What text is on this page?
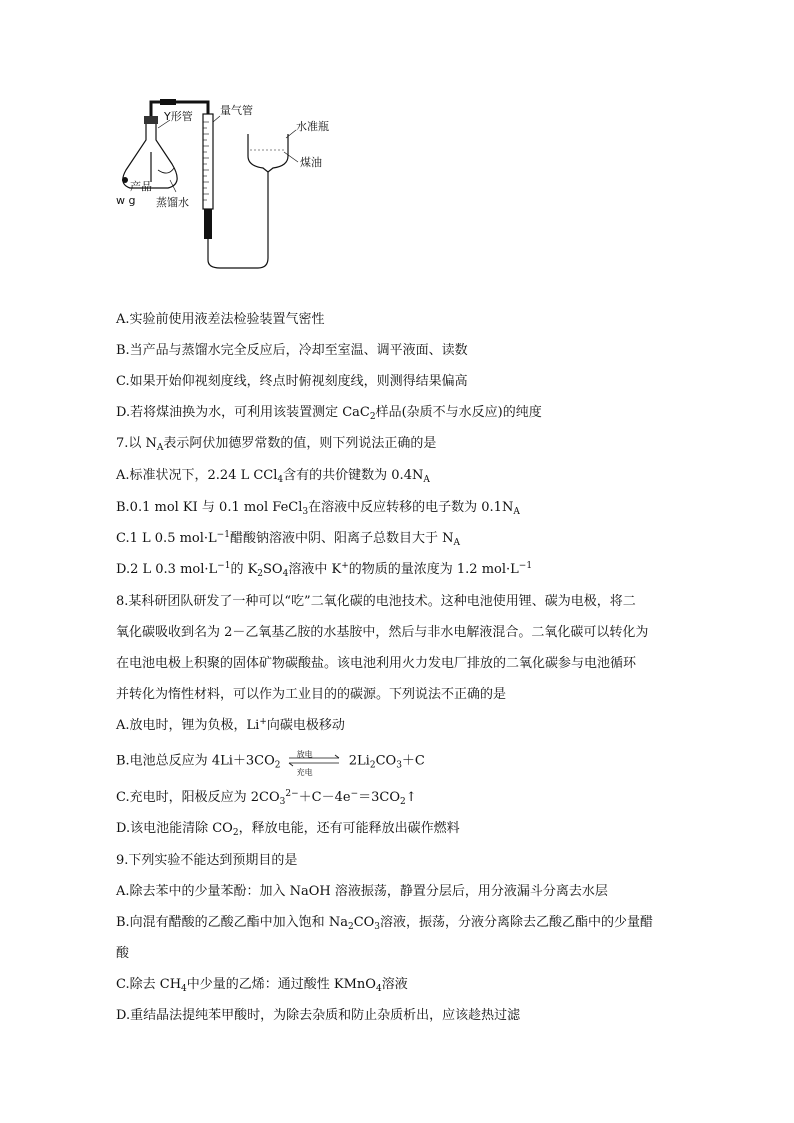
Y形管 量气管
水准瓶
煤油
产品
w g 蒸馏水
A.实验前使用液差法检验装置气密性
B.当产品与蒸馏水完全反应后，冷却至室温、调平液面、读数
C.如果开始仰视刻度线，终点时俯视刻度线，则测得结果偏高
D.若将煤油换为水，可利用该装置测定 CaC$_2$样品(杂质不与水反应)的纯度
7.以 $N_A$表示阿伏加德罗常数的值，则下列说法正确的是
A.标准状况下，2.24 L CCl$_4$含有的共价键数为 $0.4N_A$
B.0.1 mol KI 与 0.1 mol FeCl$_3$在溶液中反应转移的电子数为 $0.1N_A$
C.1 L 0.5 $mol\cdot L^{-1}$醋酸钠溶液中阴、阳离子总数目大于 $N_A$
D.2 L 0.3 $mol\cdot L^{-1}$的 $K_2SO_4$溶液中 K+的物质的量浓度为 1.2 $mol\cdot L^{-1}$
8.某科研团队研发了一种可以“吃”二氧化碳的电池技术。这种电池使用锂、碳为电极，将二
氧化碳吸收到名为 2－乙氧基乙胺的水基胺中，然后与非水电解液混合。二氧化碳可以转化为
在电池电极上积聚的固体矿物碳酸盐。该电池利用火力发电厂排放的二氧化碳参与电池循环
并转化为惰性材料，可以作为工业目的的碳源。下列说法不正确的是
A.放电时，锂为负极，Li+向碳电极移动
B.电池总反应为 $4Li+3CO_2$
放电
充电
$2Li_2CO_3+C$
C.充电时，阳极反应为 $2CO_3^{2-}+C-4e^-=3CO_2↑$
D.该电池能清除 $CO_2$，释放电能，还有可能释放出碳作燃料
9.下列实验不能达到预期目的是
A.除去苯中的少量苯酚：加入 NaOH 溶液振荡，静置分层后，用分液漏斗分离去水层
B.向混有醋酸的乙酸乙酯中加入饱和 $Na_2CO_3$溶液，振荡，分液分离除去乙酸乙酯中的少量醋
酸
C.除去 $CH_4$中少量的乙烯：通过酸性 KMnO$_4$溶液
D.重结晶法提纯苯甲酸时，为除去杂质和防止杂质析出，应该趁热过滤
